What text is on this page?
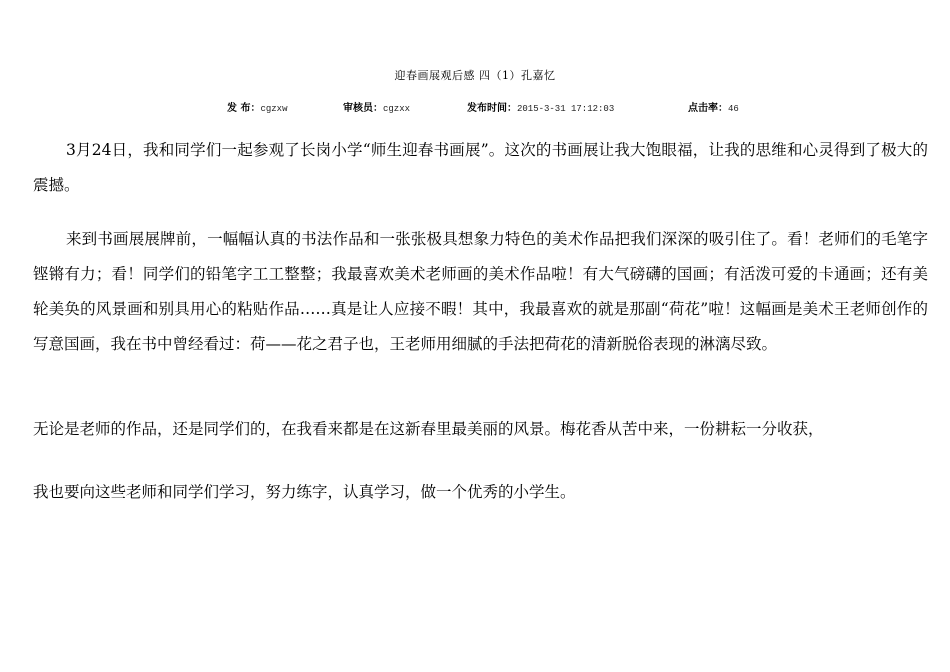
迎春画展观后感 四（1）孔嘉忆
发 布：cgzxw	审核员：cgzxx	发布时间：2015-3-31 17:12:03	点击率：46

3月24日，我和同学们一起参观了长岗小学“师生迎春书画展”。这次的书画展让我大饱眼福，让我的思维和心灵得到了极大的震撼。

来到书画展展牌前，一幅幅认真的书法作品和一张张极具想象力特色的美术作品把我们深深的吸引住了。看！老师们的毛笔字铿锵有力；看！同学们的铅笔字工工整整；我最喜欢美术老师画的美术作品啦！有大气磅礴的国画；有活泼可爱的卡通画；还有美轮美奂的风景画和别具用心的粘贴作品……真是让人应接不暇！其中，我最喜欢的就是那副“荷花”啦！这幅画是美术王老师创作的写意国画，我在书中曾经看过：荷——花之君子也，王老师用细腻的手法把荷花的清新脱俗表现的淋漓尽致。

无论是老师的作品，还是同学们的，在我看来都是在这新春里最美丽的风景。梅花香从苦中来，一份耕耘一分收获，

我也要向这些老师和同学们学习，努力练字，认真学习，做一个优秀的小学生。
